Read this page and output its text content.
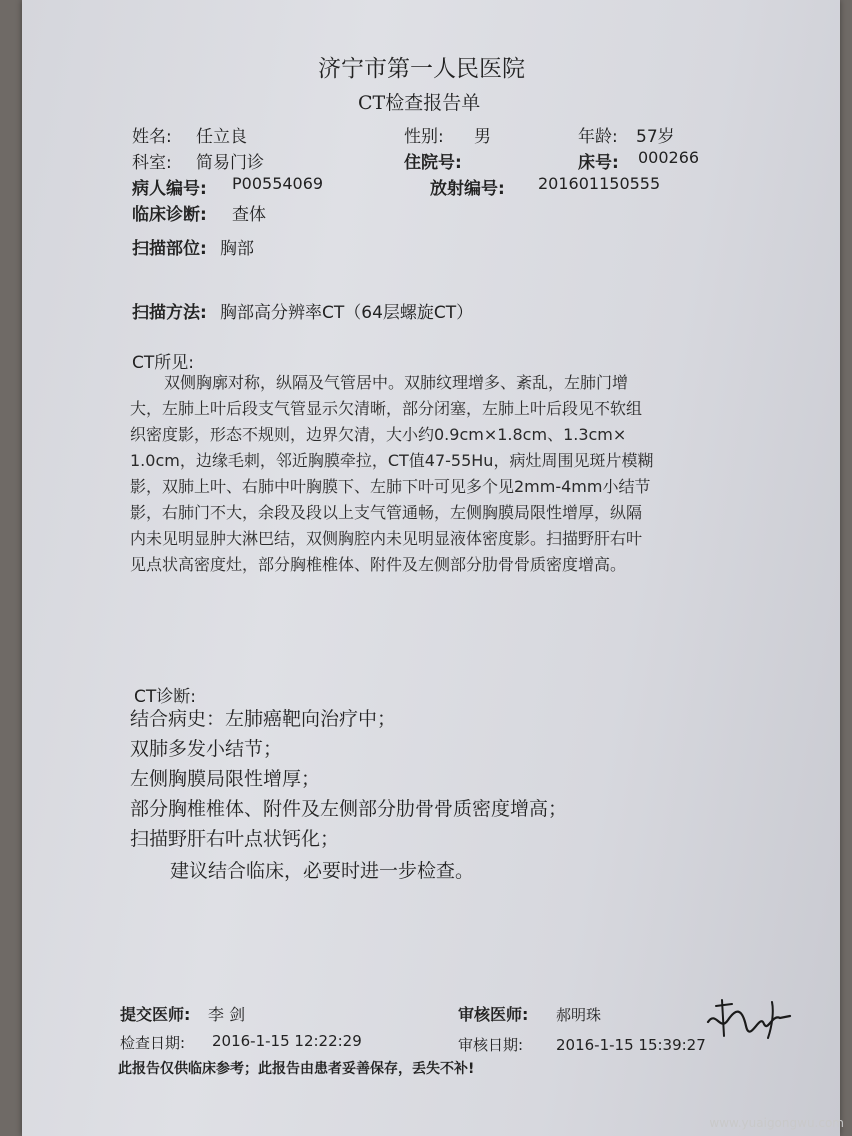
济宁市第一人民医院
CT检查报告单
姓名: 任立良	性别: 男	年龄: 57岁
科室: 简易门诊	住院号:	床号: 000266
病人编号: P00554069	放射编号: 201601150555
临床诊断: 查体
扫描部位: 胸部
扫描方法: 胸部高分辨率CT（64层螺旋CT）
CT所见:
双侧胸廓对称，纵隔及气管居中。双肺纹理增多、紊乱，左肺门增
大，左肺上叶后段支气管显示欠清晰，部分闭塞，左肺上叶后段见不软组
织密度影，形态不规则，边界欠清，大小约0.9cm×1.8cm、1.3cm×
1.0cm，边缘毛刺，邻近胸膜牵拉，CT值47-55Hu，病灶周围见斑片模糊
影，双肺上叶、右肺中叶胸膜下、左肺下叶可见多个见2mm-4mm小结节
影，右肺门不大，余段及段以上支气管通畅，左侧胸膜局限性增厚，纵隔
内未见明显肿大淋巴结，双侧胸腔内未见明显液体密度影。扫描野肝右叶
见点状高密度灶，部分胸椎椎体、附件及左侧部分肋骨骨质密度增高。
CT诊断:
结合病史：左肺癌靶向治疗中；
双肺多发小结节；
左侧胸膜局限性增厚；
部分胸椎椎体、附件及左侧部分肋骨骨质密度增高；
扫描野肝右叶点状钙化；
建议结合临床，必要时进一步检查。
提交医师: 李 剑	审核医师: 郝明珠
检查日期: 2016-1-15 12:22:29	审核日期: 2016-1-15 15:39:27
此报告仅供临床参考；此报告由患者妥善保存，丢失不补!
www.yuaigongwu.com
